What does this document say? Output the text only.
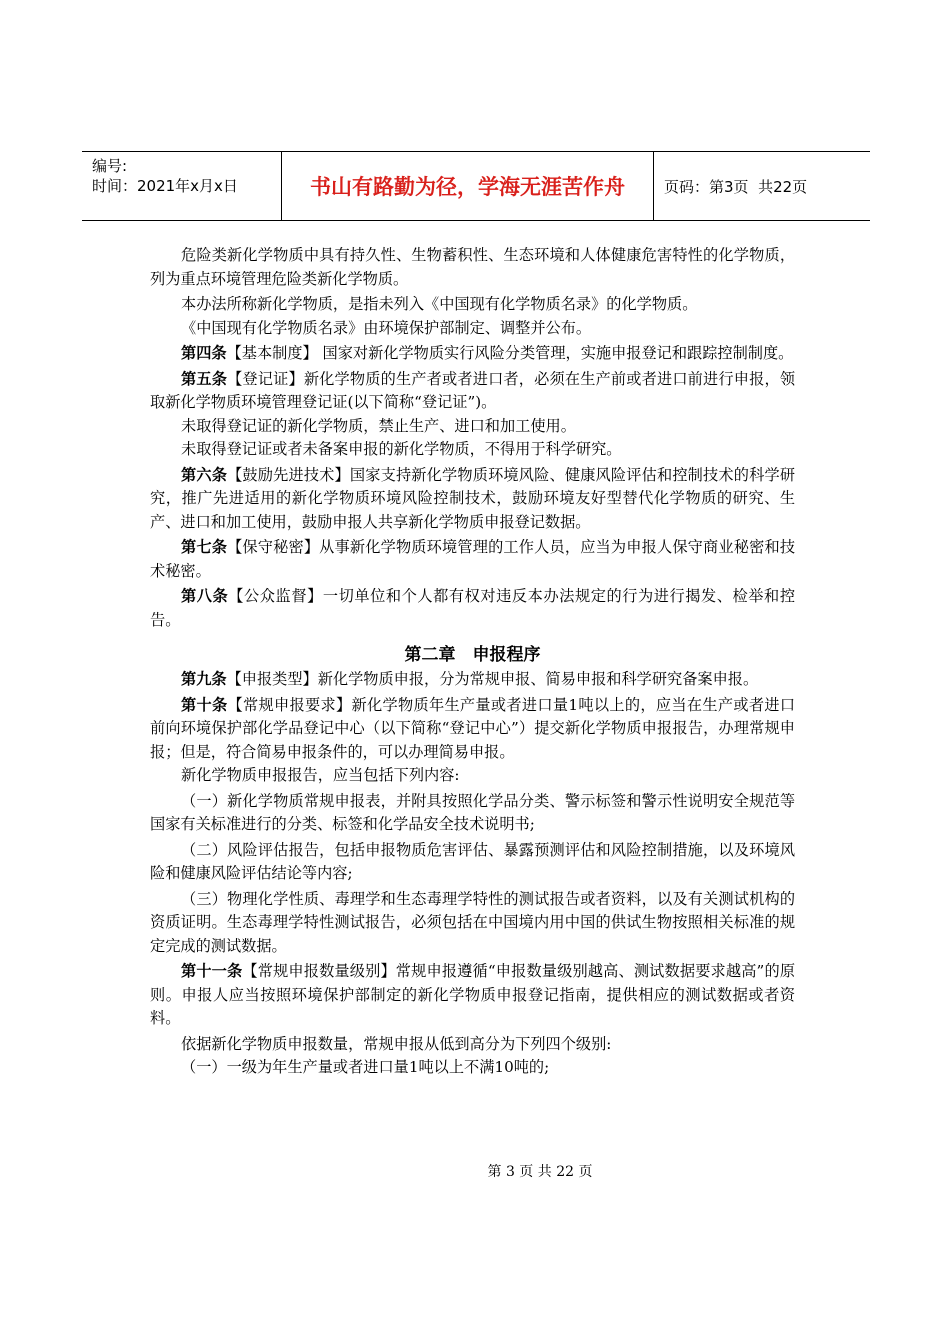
编号:
时间：2021年x月x日	书山有路勤为径，学海无涯苦作舟	页码：第3页  共22页

危险类新化学物质中具有持久性、生物蓄积性、生态环境和人体健康危害特性的化学物质，列为重点环境管理危险类新化学物质。

本办法所称新化学物质，是指未列入《中国现有化学物质名录》的化学物质。

《中国现有化学物质名录》由环境保护部制定、调整并公布。

第四条【基本制度】 国家对新化学物质实行风险分类管理，实施申报登记和跟踪控制制度。

第五条【登记证】新化学物质的生产者或者进口者，必须在生产前或者进口前进行申报，领取新化学物质环境管理登记证(以下简称“登记证”)。

未取得登记证的新化学物质，禁止生产、进口和加工使用。

未取得登记证或者未备案申报的新化学物质，不得用于科学研究。

第六条【鼓励先进技术】国家支持新化学物质环境风险、健康风险评估和控制技术的科学研究，推广先进适用的新化学物质环境风险控制技术，鼓励环境友好型替代化学物质的研究、生产、进口和加工使用，鼓励申报人共享新化学物质申报登记数据。

第七条【保守秘密】从事新化学物质环境管理的工作人员，应当为申报人保守商业秘密和技术秘密。

第八条【公众监督】一切单位和个人都有权对违反本办法规定的行为进行揭发、检举和控告。

第二章　申报程序

第九条【申报类型】新化学物质申报，分为常规申报、简易申报和科学研究备案申报。

第十条【常规申报要求】新化学物质年生产量或者进口量1吨以上的，应当在生产或者进口前向环境保护部化学品登记中心（以下简称“登记中心”）提交新化学物质申报报告，办理常规申报；但是，符合简易申报条件的，可以办理简易申报。

新化学物质申报报告，应当包括下列内容:

（一）新化学物质常规申报表，并附具按照化学品分类、警示标签和警示性说明安全规范等国家有关标准进行的分类、标签和化学品安全技术说明书;

（二）风险评估报告，包括申报物质危害评估、暴露预测评估和风险控制措施，以及环境风险和健康风险评估结论等内容;

（三）物理化学性质、毒理学和生态毒理学特性的测试报告或者资料，以及有关测试机构的资质证明。生态毒理学特性测试报告，必须包括在中国境内用中国的供试生物按照相关标准的规定完成的测试数据。

第十一条【常规申报数量级别】常规申报遵循“申报数量级别越高、测试数据要求越高”的原则。申报人应当按照环境保护部制定的新化学物质申报登记指南，提供相应的测试数据或者资料。

依据新化学物质申报数量，常规申报从低到高分为下列四个级别:

（一）一级为年生产量或者进口量1吨以上不满10吨的;

第 3 页 共 22 页
